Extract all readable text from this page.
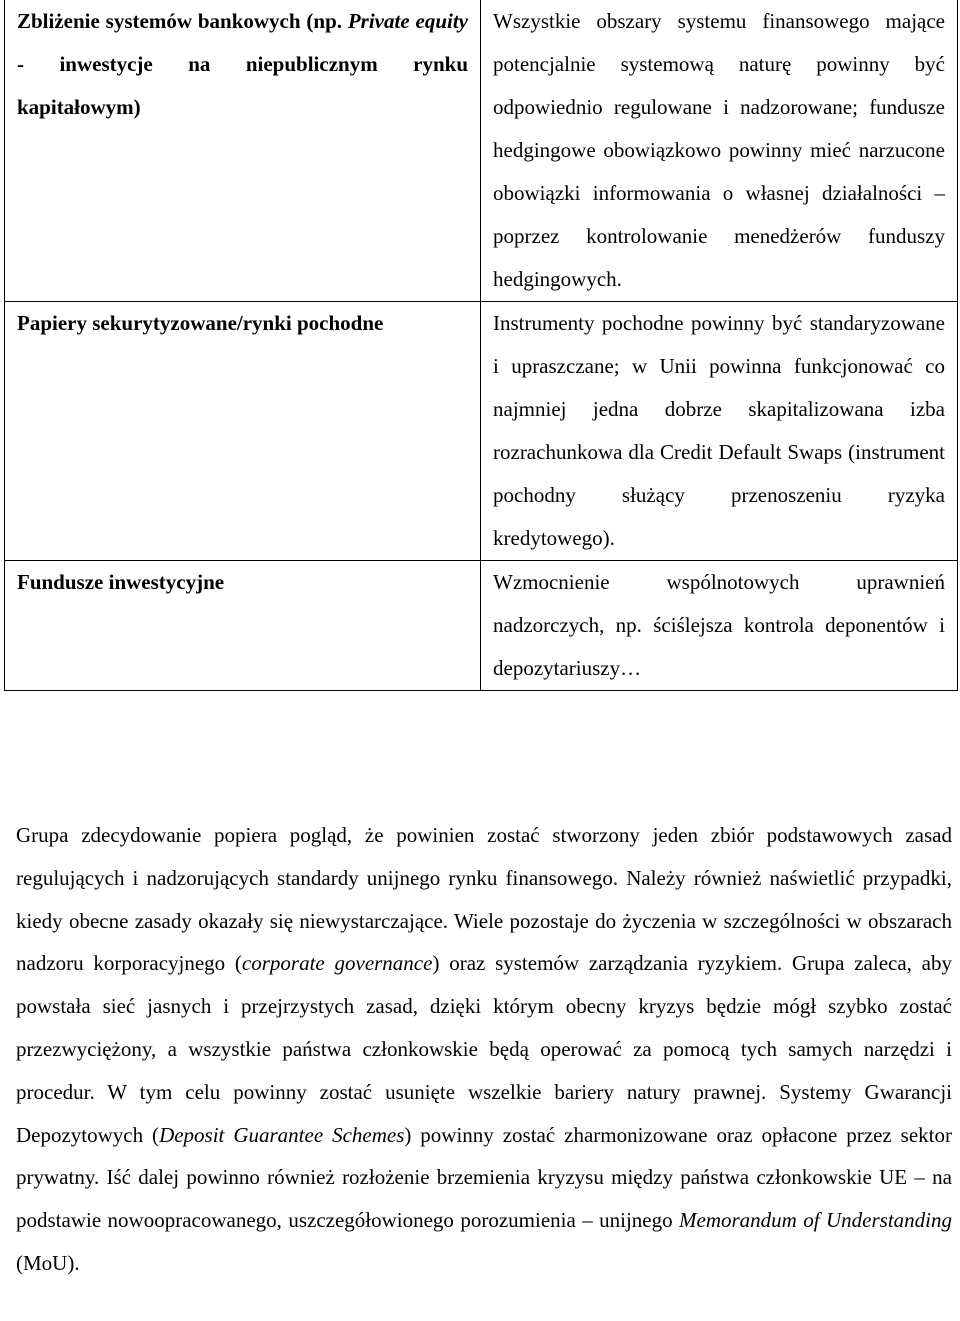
Zbliżenie systemów bankowych (np. Private equity - inwestycje na niepublicznym rynku kapitałowym)	Wszystkie obszary systemu finansowego mające potencjalnie systemową naturę powinny być odpowiednio regulowane i nadzorowane; fundusze hedgingowe obowiązkowo powinny mieć narzucone obowiązki informowania o własnej działalności – poprzez kontrolowanie menedżerów funduszy hedgingowych.
Papiery sekurytyzowane/rynki pochodne	Instrumenty pochodne powinny być standaryzowane i upraszczane; w Unii powinna funkcjonować co najmniej jedna dobrze skapitalizowana izba rozrachunkowa dla Credit Default Swaps (instrument pochodny służący przenoszeniu ryzyka kredytowego).
Fundusze inwestycyjne	Wzmocnienie wspólnotowych uprawnień nadzorczych, np. ściślejsza kontrola deponentów i depozytariuszy…

Grupa zdecydowanie popiera pogląd, że powinien zostać stworzony jeden zbiór podstawowych zasad regulujących i nadzorujących standardy unijnego rynku finansowego. Należy również naświetlić przypadki, kiedy obecne zasady okazały się niewystarczające. Wiele pozostaje do życzenia w szczególności w obszarach nadzoru korporacyjnego (corporate governance) oraz systemów zarządzania ryzykiem. Grupa zaleca, aby powstała sieć jasnych i przejrzystych zasad, dzięki którym obecny kryzys będzie mógł szybko zostać przezwyciężony, a wszystkie państwa członkowskie będą operować za pomocą tych samych narzędzi i procedur. W tym celu powinny zostać usunięte wszelkie bariery natury prawnej. Systemy Gwarancji Depozytowych (Deposit Guarantee Schemes) powinny zostać zharmonizowane oraz opłacone przez sektor prywatny. Iść dalej powinno również rozłożenie brzemienia kryzysu między państwa członkowskie UE – na podstawie nowoopracowanego, uszczegółowionego porozumienia – unijnego Memorandum of Understanding (MoU).
